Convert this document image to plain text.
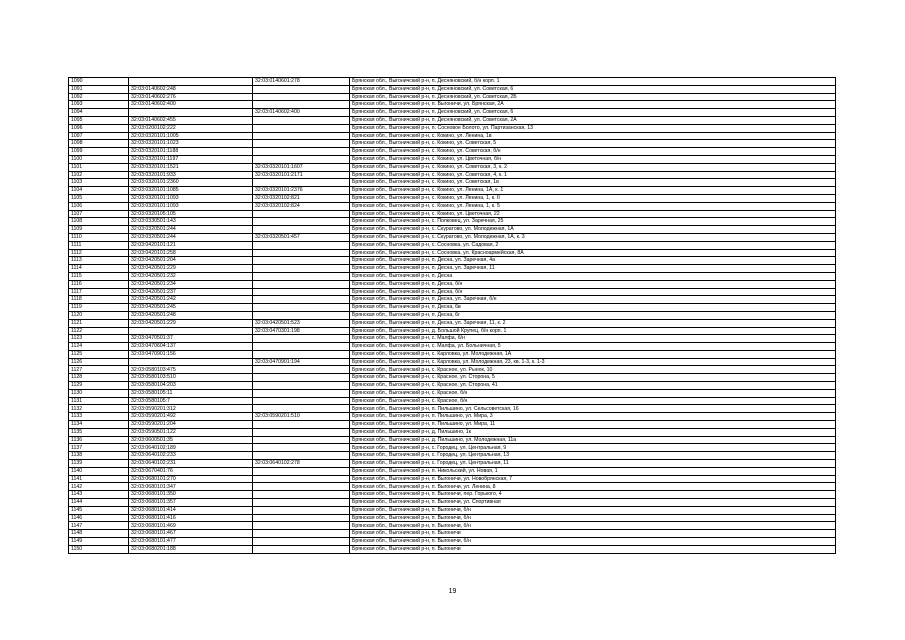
1090		32:03:0140601:278	Брянская обл., Выгоничский р-н, п. Десняновский, б/н корп. 1
1091	32:03:0140602:248		Брянская обл., Выгоничский р-н, п. Десняновский, ул. Советская, 6
1092	32:03:0140602:276		Брянская обл., Выгоничский р-н, п. Десняновский, ул. Советская, 2Б
1093	32:03:0140602:400		Брянская обл., Выгоничский р-н, п. Выгоничи, ул. Брянская, 2А
1094		32:03:0140602:400	Брянская обл., Выгоничский р-н, п. Десняновский, ул. Советская, 6
1095	32:03:0140602:455		Брянская обл., Выгоничский р-н, п. Десняновский, ул. Советская, 2А
1096	32:03:0200102:222		Брянская обл., Выгоничский р-н, п. Сосновое Болото, ул. Партизанская, 13
1097	32:03:0320101:1005		Брянская обл., Выгоничский р-н, с. Кокино, ул. Ленина, 1в
1098	32:03:0320101:1023		Брянская обл., Выгоничский р-н, с. Кокино, ул. Советская, 5
1099	32:03:0320101:1188		Брянская обл., Выгоничский р-н, с. Кокино, ул. Советская, б/н
1100	32:03:0320101:1197		Брянская обл., Выгоничский р-н, с. Кокино, ул. Цветочная, б/н
1101	32:03:0320101:1521	32:03:0320101:1607	Брянская обл., Выгоничский р-н, с. Кокино, ул. Советская, 3, к. 2
1102	32:03:0320101:933	32:03:0320101:2171	Брянская обл., Выгоничский р-н, с. Кокино, ул. Советская, 4, к. 1
1103	32:03:0320101:2360		Брянская обл., Выгоничский р-н, с. Кокино, ул. Советская, 1в
1104	32:03:0320101:1085	32:03:0320101:2376	Брянская обл., Выгоничский р-н, с. Кокино, ул. Ленина, 1А, к. 1
1105	32:03:0320101:1093	32:03:0320102:821	Брянская обл., Выгоничский р-н, с. Кокино, ул. Ленина, 1, к. II
1106	32:03:0320101:1093	32:03:0320102:824	Брянская обл., Выгоничский р-н, с. Кокино, ул. Ленина, 1, к. 5
1107	32:03:0320105:105		Брянская обл., Выгоничский р-н, с. Кокино, ул. Цветочная, 22
1108	32:03:0330501:143		Брянская обл., Выгоничский р-н, с. Полковец, ул. Заречная, 25
1109	32:03:0320501:244		Брянская обл., Выгоничский р-н, с. Скуратово, ул. Молодежная, 1А
1110	32:03:0320501:244	32:03:0320501:457	Брянская обл., Выгоничский р-н, с. Скуратово, ул. Молодежная, 1А, к. 3
1111	32:03:0420101:121		Брянская обл., Выгоничский р-н, с. Сосновка, ул. Садовая, 2
1112	32:03:0420101:258		Брянская обл., Выгоничский р-н, с. Сосновка, ул. Красноармейская, 8А
1113	32:03:0420501:204		Брянская обл., Выгоничский р-н, п. Десна, ул. Заречная, 4а
1114	32:03:0420501:229		Брянская обл., Выгоничский р-н, п. Десна, ул. Заречная, 11
1115	32:03:0420501:232		Брянская обл., Выгоничский р-н, п. Десна
1116	32:03:0420501:234		Брянская обл., Выгоничский р-н, п. Десна, б/н
1117	32:03:0420501:237		Брянская обл., Выгоничский р-н, п. Десна, б/н
1118	32:03:0420501:242		Брянская обл., Выгоничский р-н, п. Десна, ул. Заречная, б/н
1119	32:03:0420501:245		Брянская обл., Выгоничский р-н, п. Десна, 6в
1120	32:03:0420501:248		Брянская обл., Выгоничский р-н, п. Десна, 6г
1121	32:03:0420501:229	32:03:0420501:523	Брянская обл., Выгоничский р-н, п. Десна, ул. Заречная, 11, к. 2
1122		32:03:0470301:198	Брянская обл., Выгоничский р-н, д. Большой Крупец, б/н корп. 1
1123	32:03:0470501:37		Брянская обл., Выгоничский р-н, с. Малфа, б/н
1124	32:03:0470604:137		Брянская обл., Выгоничский р-н, с. Малфа, ул. Больничная, 5
1125	32:03:0470901:156		Брянская обл., Выгоничский р-н, с. Карловка, ул. Молодежная, 1А
1126		32:03:0470901:194	Брянская обл., Выгоничский р-н, с. Карловка, ул. Молодежная, 23, кв. 1-3, к. 1-3
1127	32:03:0580103:475		Брянская обл., Выгоничский р-н, с. Красное, ул. Рынок, 10
1128	32:03:0580103:510		Брянская обл., Выгоничский р-н, с. Красное, ул. Сторона, 5
1129	32:03:0580104:203		Брянская обл., Выгоничский р-н, с. Красное, ул. Сторона, 41
1130	32:03:0580105:11		Брянская обл., Выгоничский р-н, с. Красное, б/н
1131	32:03:0580105:7		Брянская обл., Выгоничский р-н, с. Красное, б/н
1132	32:03:0590201:312		Брянская обл., Выгоничский р-н, п. Пильшино, ул. Сельсоветская, 16
1133	32:03:0590201:492	32:03:0590201:510	Брянская обл., Выгоничский р-н, п. Пильшино, ул. Мира, 3
1134	32:03:0590201:204		Брянская обл., Выгоничский р-н, п. Пильшино, ул. Мира, 11
1135	32:03:0590501:122		Брянская обл., Выгоничский р-н, д. Пильшино, 1к
1136	32:03:0600501:35		Брянская обл., Выгоничский р-н, д. Пильшино, ул. Молодежная, 11а
1137	32:03:0640102:189		Брянская обл., Выгоничский р-н, с. Городец, ул. Центральная, 9
1138	32:03:0640102:233		Брянская обл., Выгоничский р-н, с. Городец, ул. Центральная, 13
1139	32:03:0640102:231	32:03:0640102:278	Брянская обл., Выгоничский р-н, с. Городец, ул. Центральная, 11
1140	32:03:0670401:76		Брянская обл., Выгоничский р-н, п. Никольский, ул. Новая, 1
1141	32:03:0680101:270		Брянская обл., Выгоничский р-н, п. Выгоничи, ул. Новобрянская, 7
1142	32:03:0680101:347		Брянская обл., Выгоничский р-н, п. Выгоничи, ул. Ленина, 8
1143	32:03:0680101:350		Брянская обл., Выгоничский р-н, п. Выгоничи, пер. Горького, 4
1144	32:03:0680101:357		Брянская обл., Выгоничский р-н, п. Выгоничи, ул. Спортивная
1145	32:03:0680101:414		Брянская обл., Выгоничский р-н, п. Выгоничи, б/н
1146	32:03:0680101:416		Брянская обл., Выгоничский р-н, п. Выгоничи, б/н
1147	32:03:0680101:469		Брянская обл., Выгоничский р-н, п. Выгоничи, б/н
1148	32:03:0680101:467		Брянская обл., Выгоничский р-н, п. Выгоничи
1149	32:03:0680101:477		Брянская обл., Выгоничский р-н, п. Выгоничи, б/н
1150	32:03:0680201:188		Брянская обл., Выгоничский р-н, п. Выгоничи
19
